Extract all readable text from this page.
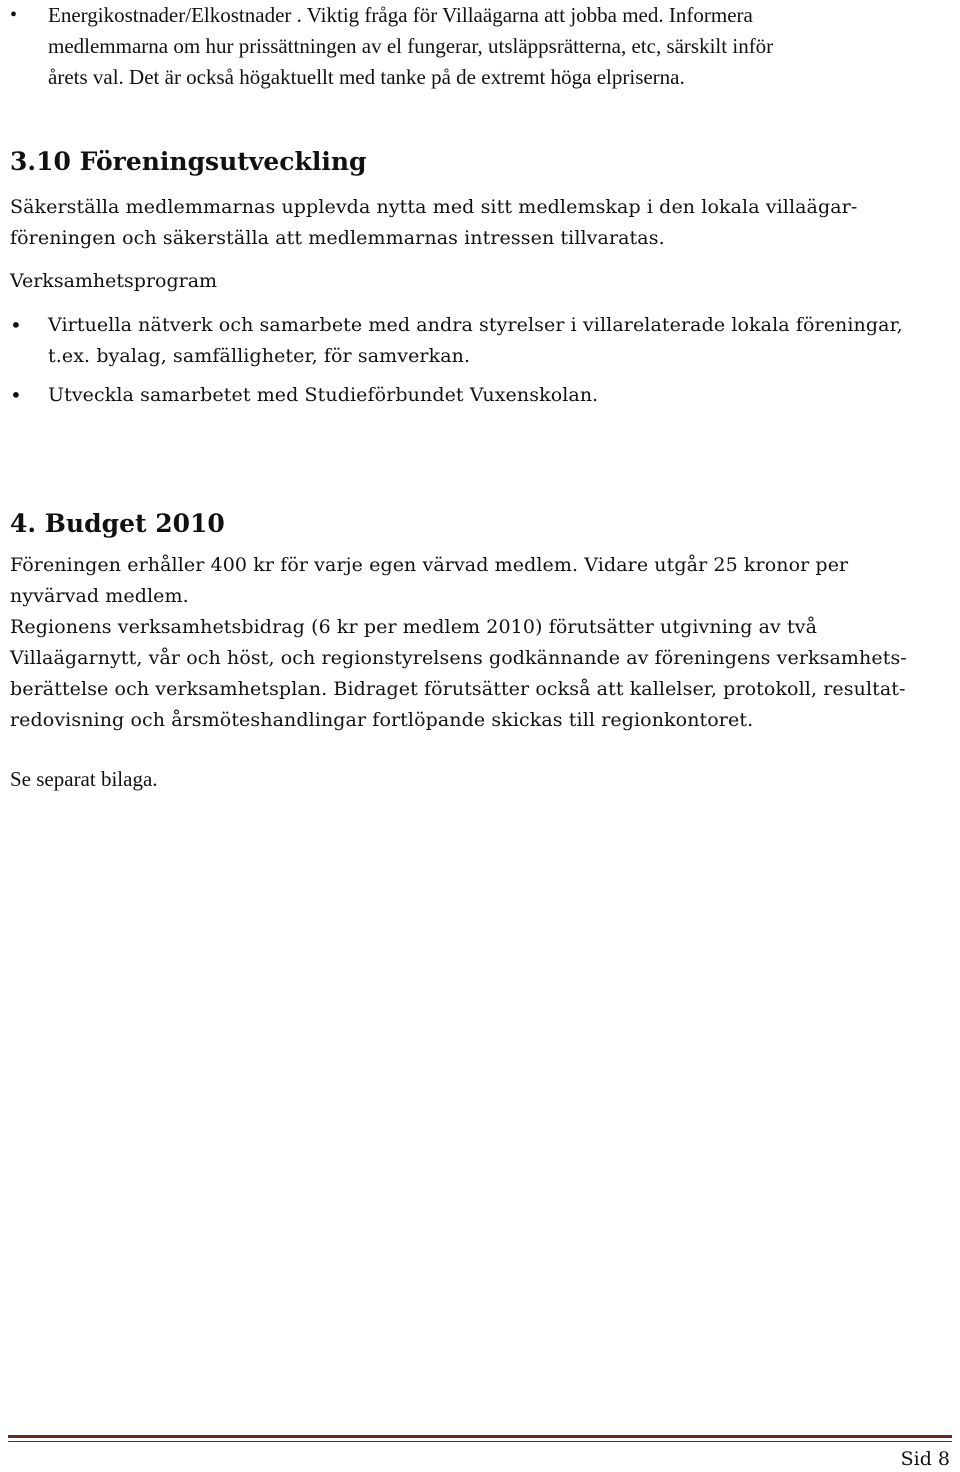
•	Energikostnader/Elkostnader . Viktig fråga för Villaägarna att jobba med. Informera
medlemmarna om hur prissättningen av el fungerar, utsläppsrätterna, etc, särskilt inför
årets val. Det är också högaktuellt med tanke på de extremt höga elpriserna.
3.10 Föreningsutveckling
Säkerställa medlemmarnas upplevda nytta med sitt medlemskap i den lokala villaägar-
föreningen och säkerställa att medlemmarnas intressen tillvaratas.
Verksamhetsprogram
•	Virtuella nätverk och samarbete med andra styrelser i villarelaterade lokala föreningar,
t.ex. byalag, samfälligheter, för samverkan.
•	Utveckla samarbetet med Studieförbundet Vuxenskolan.
4. Budget 2010
Föreningen erhåller 400 kr för varje egen värvad medlem. Vidare utgår 25 kronor per
nyvärvad medlem.
Regionens verksamhetsbidrag (6 kr per medlem 2010) förutsätter utgivning av två
Villaägarnytt, vår och höst, och regionstyrelsens godkännande av föreningens verksamhets-
berättelse och verksamhetsplan. Bidraget förutsätter också att kallelser, protokoll, resultat-
redovisning och årsmöteshandlingar fortlöpande skickas till regionkontoret.
Se separat bilaga.
Sid 8
